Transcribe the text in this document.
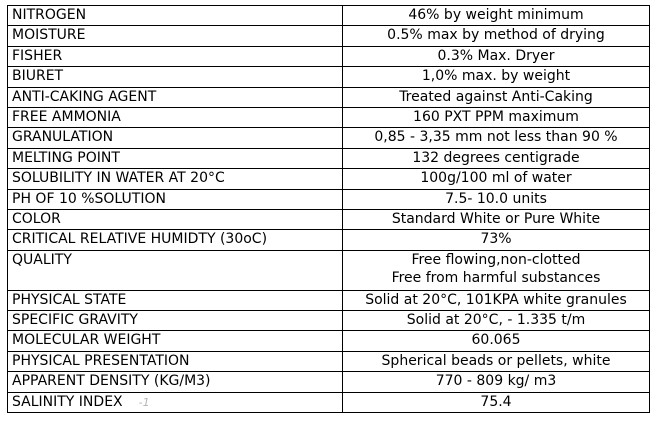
NITROGEN	46% by weight minimum
MOISTURE	0.5% max by method of drying
FISHER	0.3% Max. Dryer
BIURET	1,0% max. by weight
ANTI-CAKING AGENT	Treated against Anti-Caking
FREE AMMONIA	160 PXT PPM maximum
GRANULATION	0,85 - 3,35 mm not less than 90 %
MELTING POINT	132 degrees centigrade
SOLUBILITY IN WATER AT 20°C	100g/100 ml of water
PH OF 10 %SOLUTION	7.5- 10.0 units
COLOR	Standard White or Pure White
CRITICAL RELATIVE HUMIDTY (30oC)	73%
QUALITY	Free flowing,non-clotted
Free from harmful substances

PHYSICAL STATE	Solid at 20°C, 101KPA white granules
SPECIFIC GRAVITY	Solid at 20°C, - 1.335 t/m
MOLECULAR WEIGHT	60.065
PHYSICAL PRESENTATION	Spherical beads or pellets, white
APPARENT DENSITY (KG/M3)	770 - 809 kg/ m3
SALINITY INDEX -1	75.4
